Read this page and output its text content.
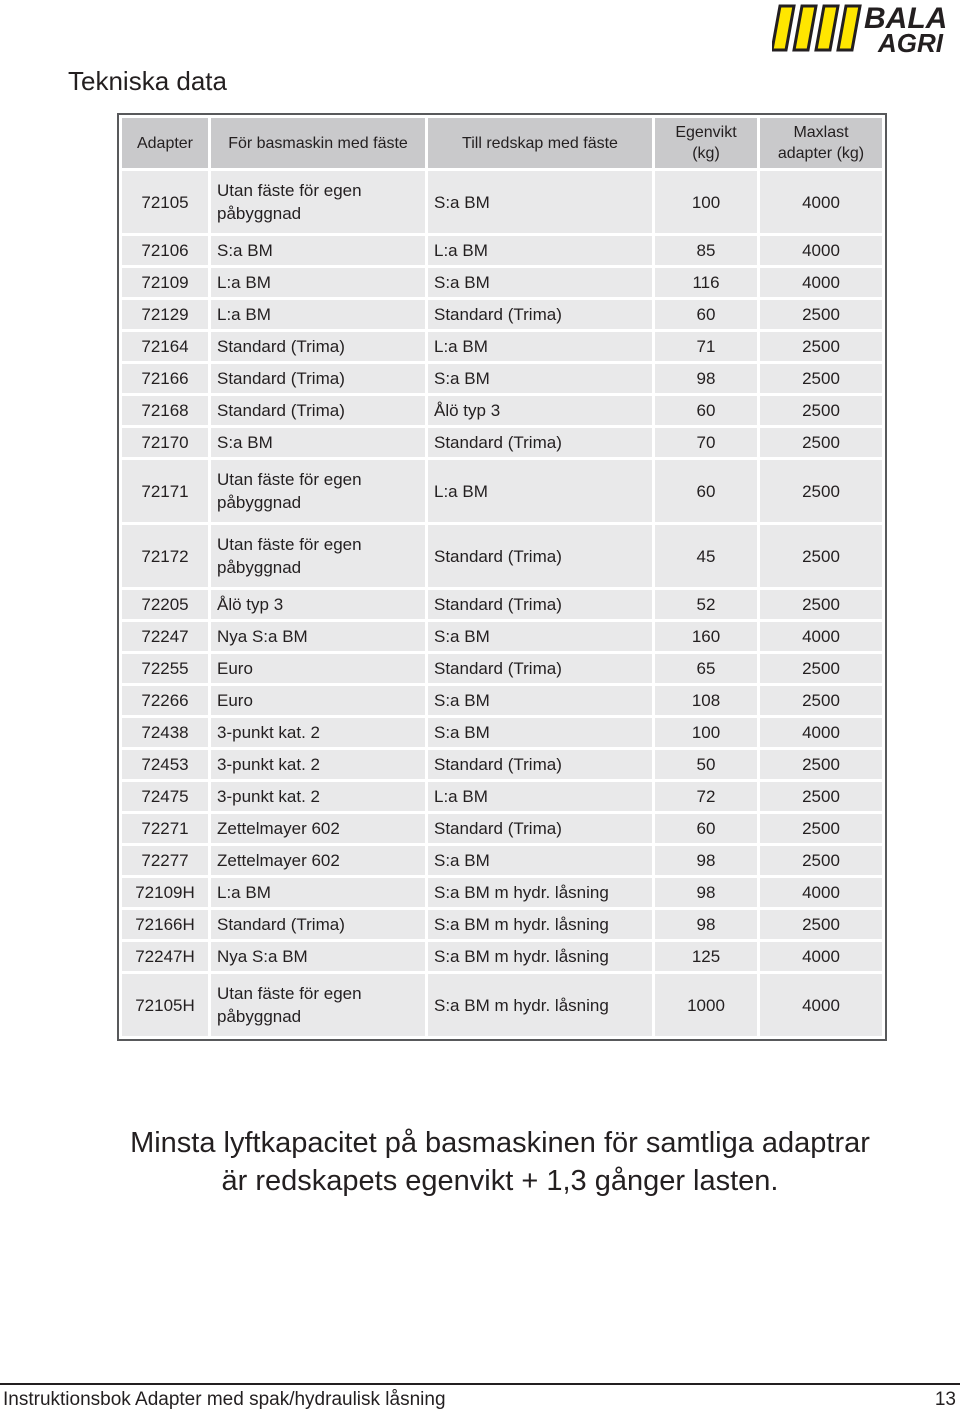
BALA
AGRI
Tekniska data
Adapter	För basmaskin med fäste	Till redskap med fäste	Egenvikt (kg)	Maxlast adapter (kg)
72105	Utan fäste för egen påbyggnad	S:a BM	100	4000
72106	S:a BM	L:a BM	85	4000
72109	L:a BM	S:a BM	116	4000
72129	L:a BM	Standard (Trima)	60	2500
72164	Standard (Trima)	L:a BM	71	2500
72166	Standard (Trima)	S:a BM	98	2500
72168	Standard (Trima)	Ålö typ 3	60	2500
72170	S:a BM	Standard (Trima)	70	2500
72171	Utan fäste för egen påbyggnad	L:a BM	60	2500
72172	Utan fäste för egen påbyggnad	Standard (Trima)	45	2500
72205	Ålö typ 3	Standard (Trima)	52	2500
72247	Nya S:a BM	S:a BM	160	4000
72255	Euro	Standard (Trima)	65	2500
72266	Euro	S:a BM	108	2500
72438	3-punkt kat. 2	S:a BM	100	4000
72453	3-punkt kat. 2	Standard (Trima)	50	2500
72475	3-punkt kat. 2	L:a BM	72	2500
72271	Zettelmayer 602	Standard (Trima)	60	2500
72277	Zettelmayer 602	S:a BM	98	2500
72109H	L:a BM	S:a BM m hydr. låsning	98	4000
72166H	Standard (Trima)	S:a BM m hydr. låsning	98	2500
72247H	Nya S:a BM	S:a BM m hydr. låsning	125	4000
72105H	Utan fäste för egen påbyggnad	S:a BM m hydr. låsning	1000	4000
Minsta lyftkapacitet på basmaskinen för samtliga adaptrar är redskapets egenvikt + 1,3 gånger lasten.
Instruktionsbok Adapter med spak/hydraulisk låsning	13
